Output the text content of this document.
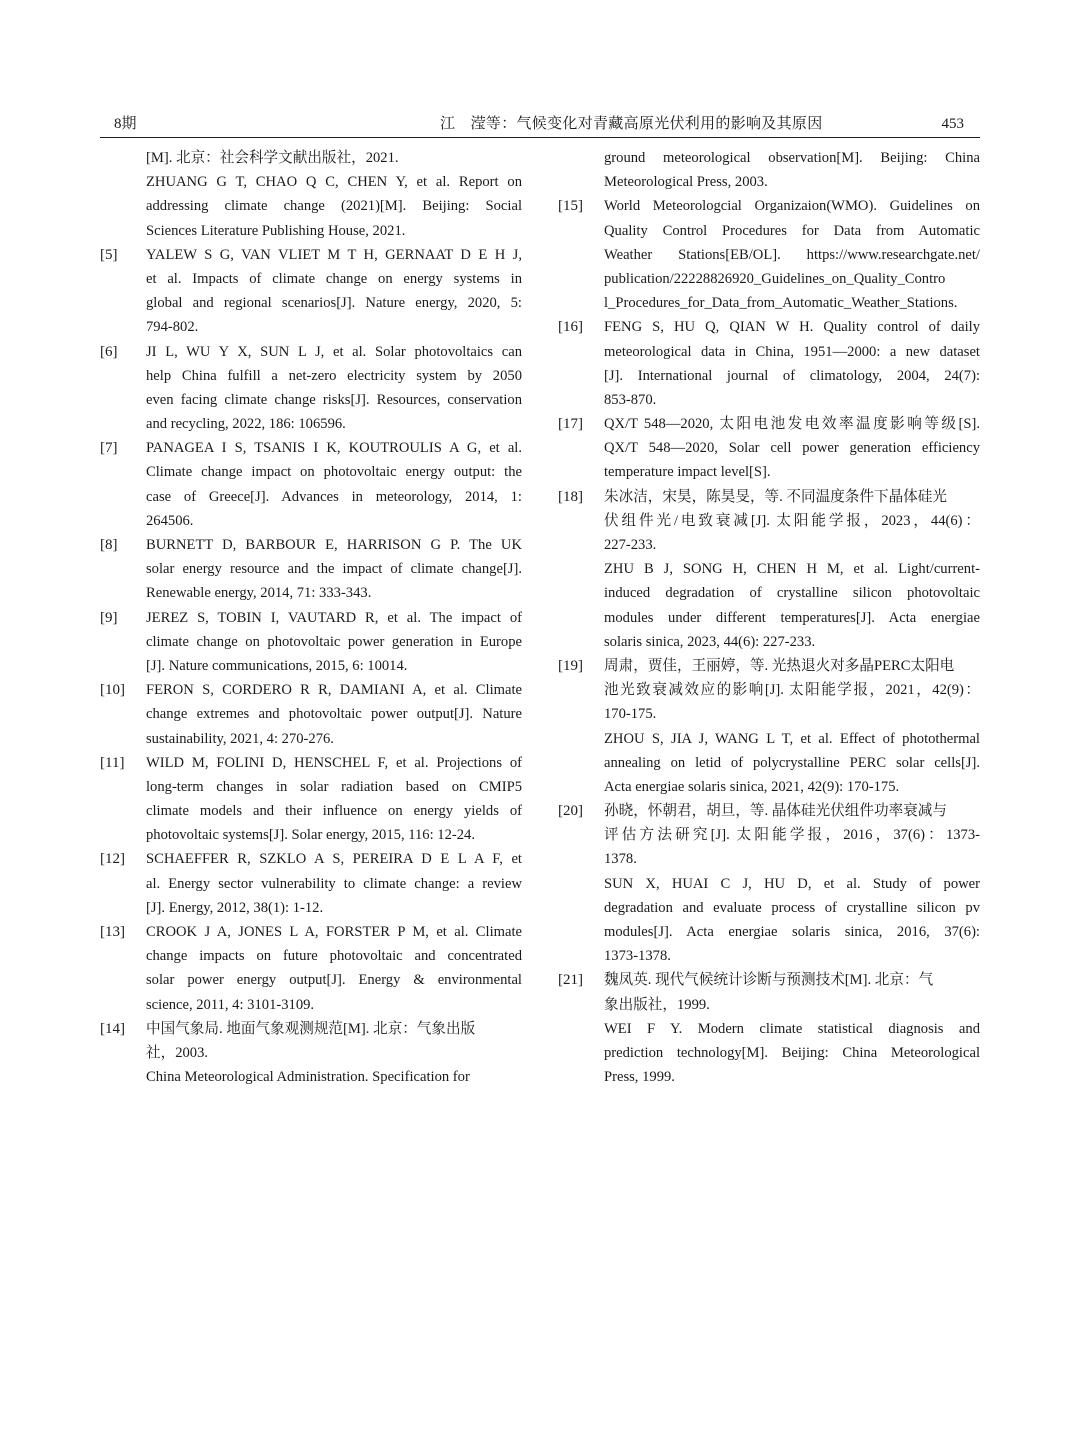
8期	江　滢等：气候变化对青藏高原光伏利用的影响及其原因	453
[M]. 北京：社会科学文献出版社，2021.
ZHUANG G T, CHAO Q C, CHEN Y, et al. Report on
addressing climate change (2021)[M]. Beijing: Social
Sciences Literature Publishing House, 2021.
[5]	YALEW S G, VAN VLIET M T H, GERNAAT D E H J,
et al. Impacts of climate change on energy systems in
global and regional scenarios[J]. Nature energy, 2020, 5:
794-802.
[6]	JI L, WU Y X, SUN L J, et al. Solar photovoltaics can
help China fulfill a net-zero electricity system by 2050
even facing climate change risks[J]. Resources, conservation
and recycling, 2022, 186: 106596.
[7]	PANAGEA I S, TSANIS I K, KOUTROULIS A G, et al.
Climate change impact on photovoltaic energy output: the
case of Greece[J]. Advances in meteorology, 2014, 1:
264506.
[8]	BURNETT D, BARBOUR E, HARRISON G P. The UK
solar energy resource and the impact of climate change[J].
Renewable energy, 2014, 71: 333-343.
[9]	JEREZ S, TOBIN I, VAUTARD R, et al. The impact of
climate change on photovoltaic power generation in Europe
[J]. Nature communications, 2015, 6: 10014.
[10]	FERON S, CORDERO R R, DAMIANI A, et al. Climate
change extremes and photovoltaic power output[J]. Nature
sustainability, 2021, 4: 270-276.
[11]	WILD M, FOLINI D, HENSCHEL F, et al. Projections of
long-term changes in solar radiation based on CMIP5
climate models and their influence on energy yields of
photovoltaic systems[J]. Solar energy, 2015, 116: 12-24.
[12]	SCHAEFFER R, SZKLO A S, PEREIRA D E L A F, et
al. Energy sector vulnerability to climate change: a review
[J]. Energy, 2012, 38(1): 1-12.
[13]	CROOK J A, JONES L A, FORSTER P M, et al. Climate
change impacts on future photovoltaic and concentrated
solar power energy output[J]. Energy & environmental
science, 2011, 4: 3101-3109.
[14]	中国气象局. 地面气象观测规范[M]. 北京：气象出版
社，2003.
China Meteorological Administration. Specification for
ground meteorological observation[M]. Beijing: China
Meteorological Press, 2003.
[15]	World Meteorologcial Organizaion(WMO). Guidelines on
Quality Control Procedures for Data from Automatic
Weather Stations[EB/OL]. https://www.researchgate.net/
publication/22228826920_Guidelines_on_Quality_Contro
l_Procedures_for_Data_from_Automatic_Weather_Stations.
[16]	FENG S, HU Q, QIAN W H. Quality control of daily
meteorological data in China, 1951—2000: a new dataset
[J]. International journal of climatology, 2004, 24(7):
853-870.
[17]	QX/T 548—2020, 太阳电池发电效率温度影响等级[S].
QX/T 548—2020, Solar cell power generation efficiency
temperature impact level[S].
[18]	朱冰洁，宋昊，陈昊旻，等. 不同温度条件下晶体硅光
伏组件光/电致衰减[J]. 太阳能学报，2023，44(6)：
227-233.
ZHU B J, SONG H, CHEN H M, et al. Light/current-
induced degradation of crystalline silicon photovoltaic
modules under different temperatures[J]. Acta energiae
solaris sinica, 2023, 44(6): 227-233.
[19]	周肃，贾佳，王丽婷，等. 光热退火对多晶PERC太阳电
池光致衰减效应的影响[J]. 太阳能学报，2021，42(9)：
170-175.
ZHOU S, JIA J, WANG L T, et al. Effect of photothermal
annealing on letid of polycrystalline PERC solar cells[J].
Acta energiae solaris sinica, 2021, 42(9): 170-175.
[20]	孙晓，怀朝君，胡旦，等. 晶体硅光伏组件功率衰减与
评估方法研究[J]. 太阳能学报，2016，37(6)：1373-
1378.
SUN X, HUAI C J, HU D, et al. Study of power
degradation and evaluate process of crystalline silicon pv
modules[J]. Acta energiae solaris sinica, 2016, 37(6):
1373-1378.
[21]	魏凤英. 现代气候统计诊断与预测技术[M]. 北京：气
象出版社，1999.
WEI F Y. Modern climate statistical diagnosis and
prediction technology[M]. Beijing: China Meteorological
Press, 1999.
